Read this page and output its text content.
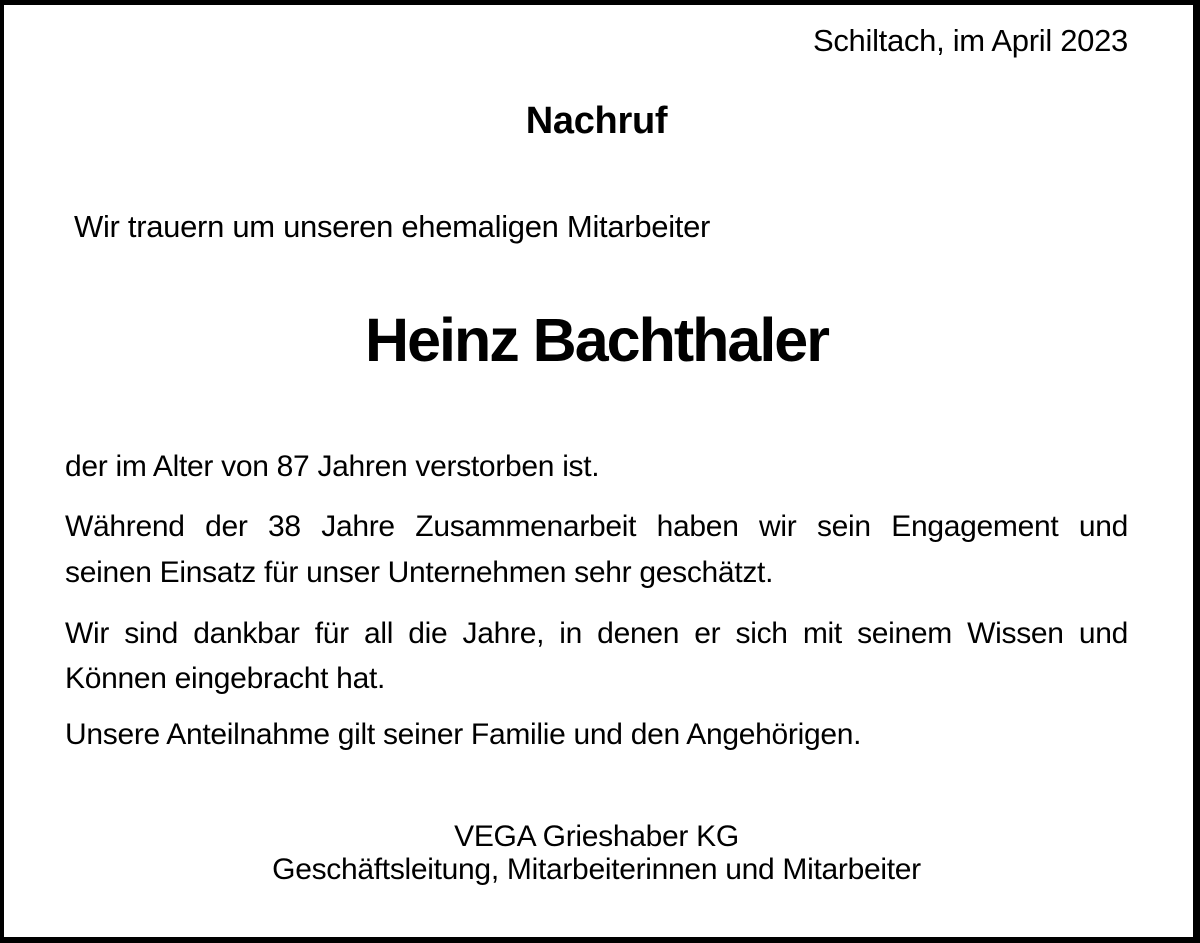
Schiltach, im April 2023
Nachruf
Wir trauern um unseren ehemaligen Mitarbeiter
Heinz Bachthaler
der im Alter von 87 Jahren verstorben ist.
Während der 38 Jahre Zusammenarbeit haben wir sein Engagement und
seinen Einsatz für unser Unternehmen sehr geschätzt.
Wir sind dankbar für all die Jahre, in denen er sich mit seinem Wissen und
Können eingebracht hat.
Unsere Anteilnahme gilt seiner Familie und den Angehörigen.
VEGA Grieshaber KG
Geschäftsleitung, Mitarbeiterinnen und Mitarbeiter
